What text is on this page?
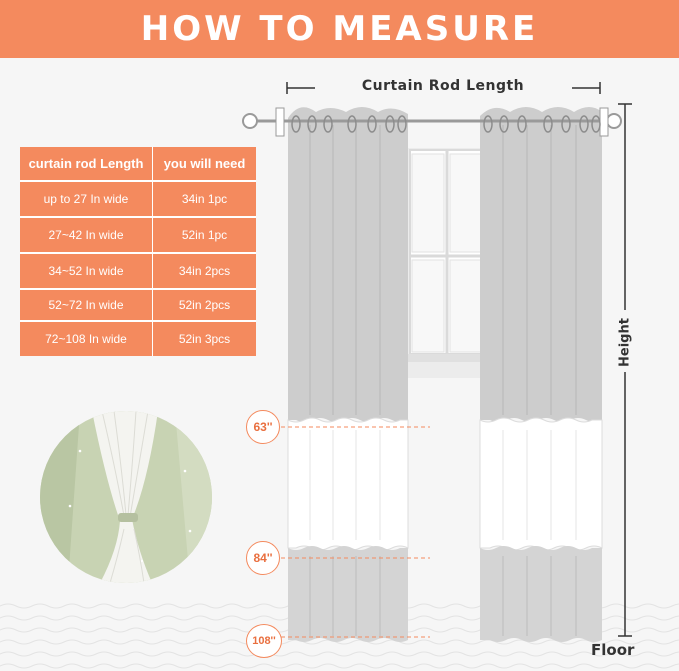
HOW TO MEASURE
curtain rod Length	you will need
up to 27 In wide	34in 1pc
27~42 In wide	52in 1pc
34~52 In wide	34in 2pcs
52~72 In wide	52in 2pcs
72~108 In wide	52in 3pcs
Curtain Rod Length
Height
Floor
63''
84''
108''
